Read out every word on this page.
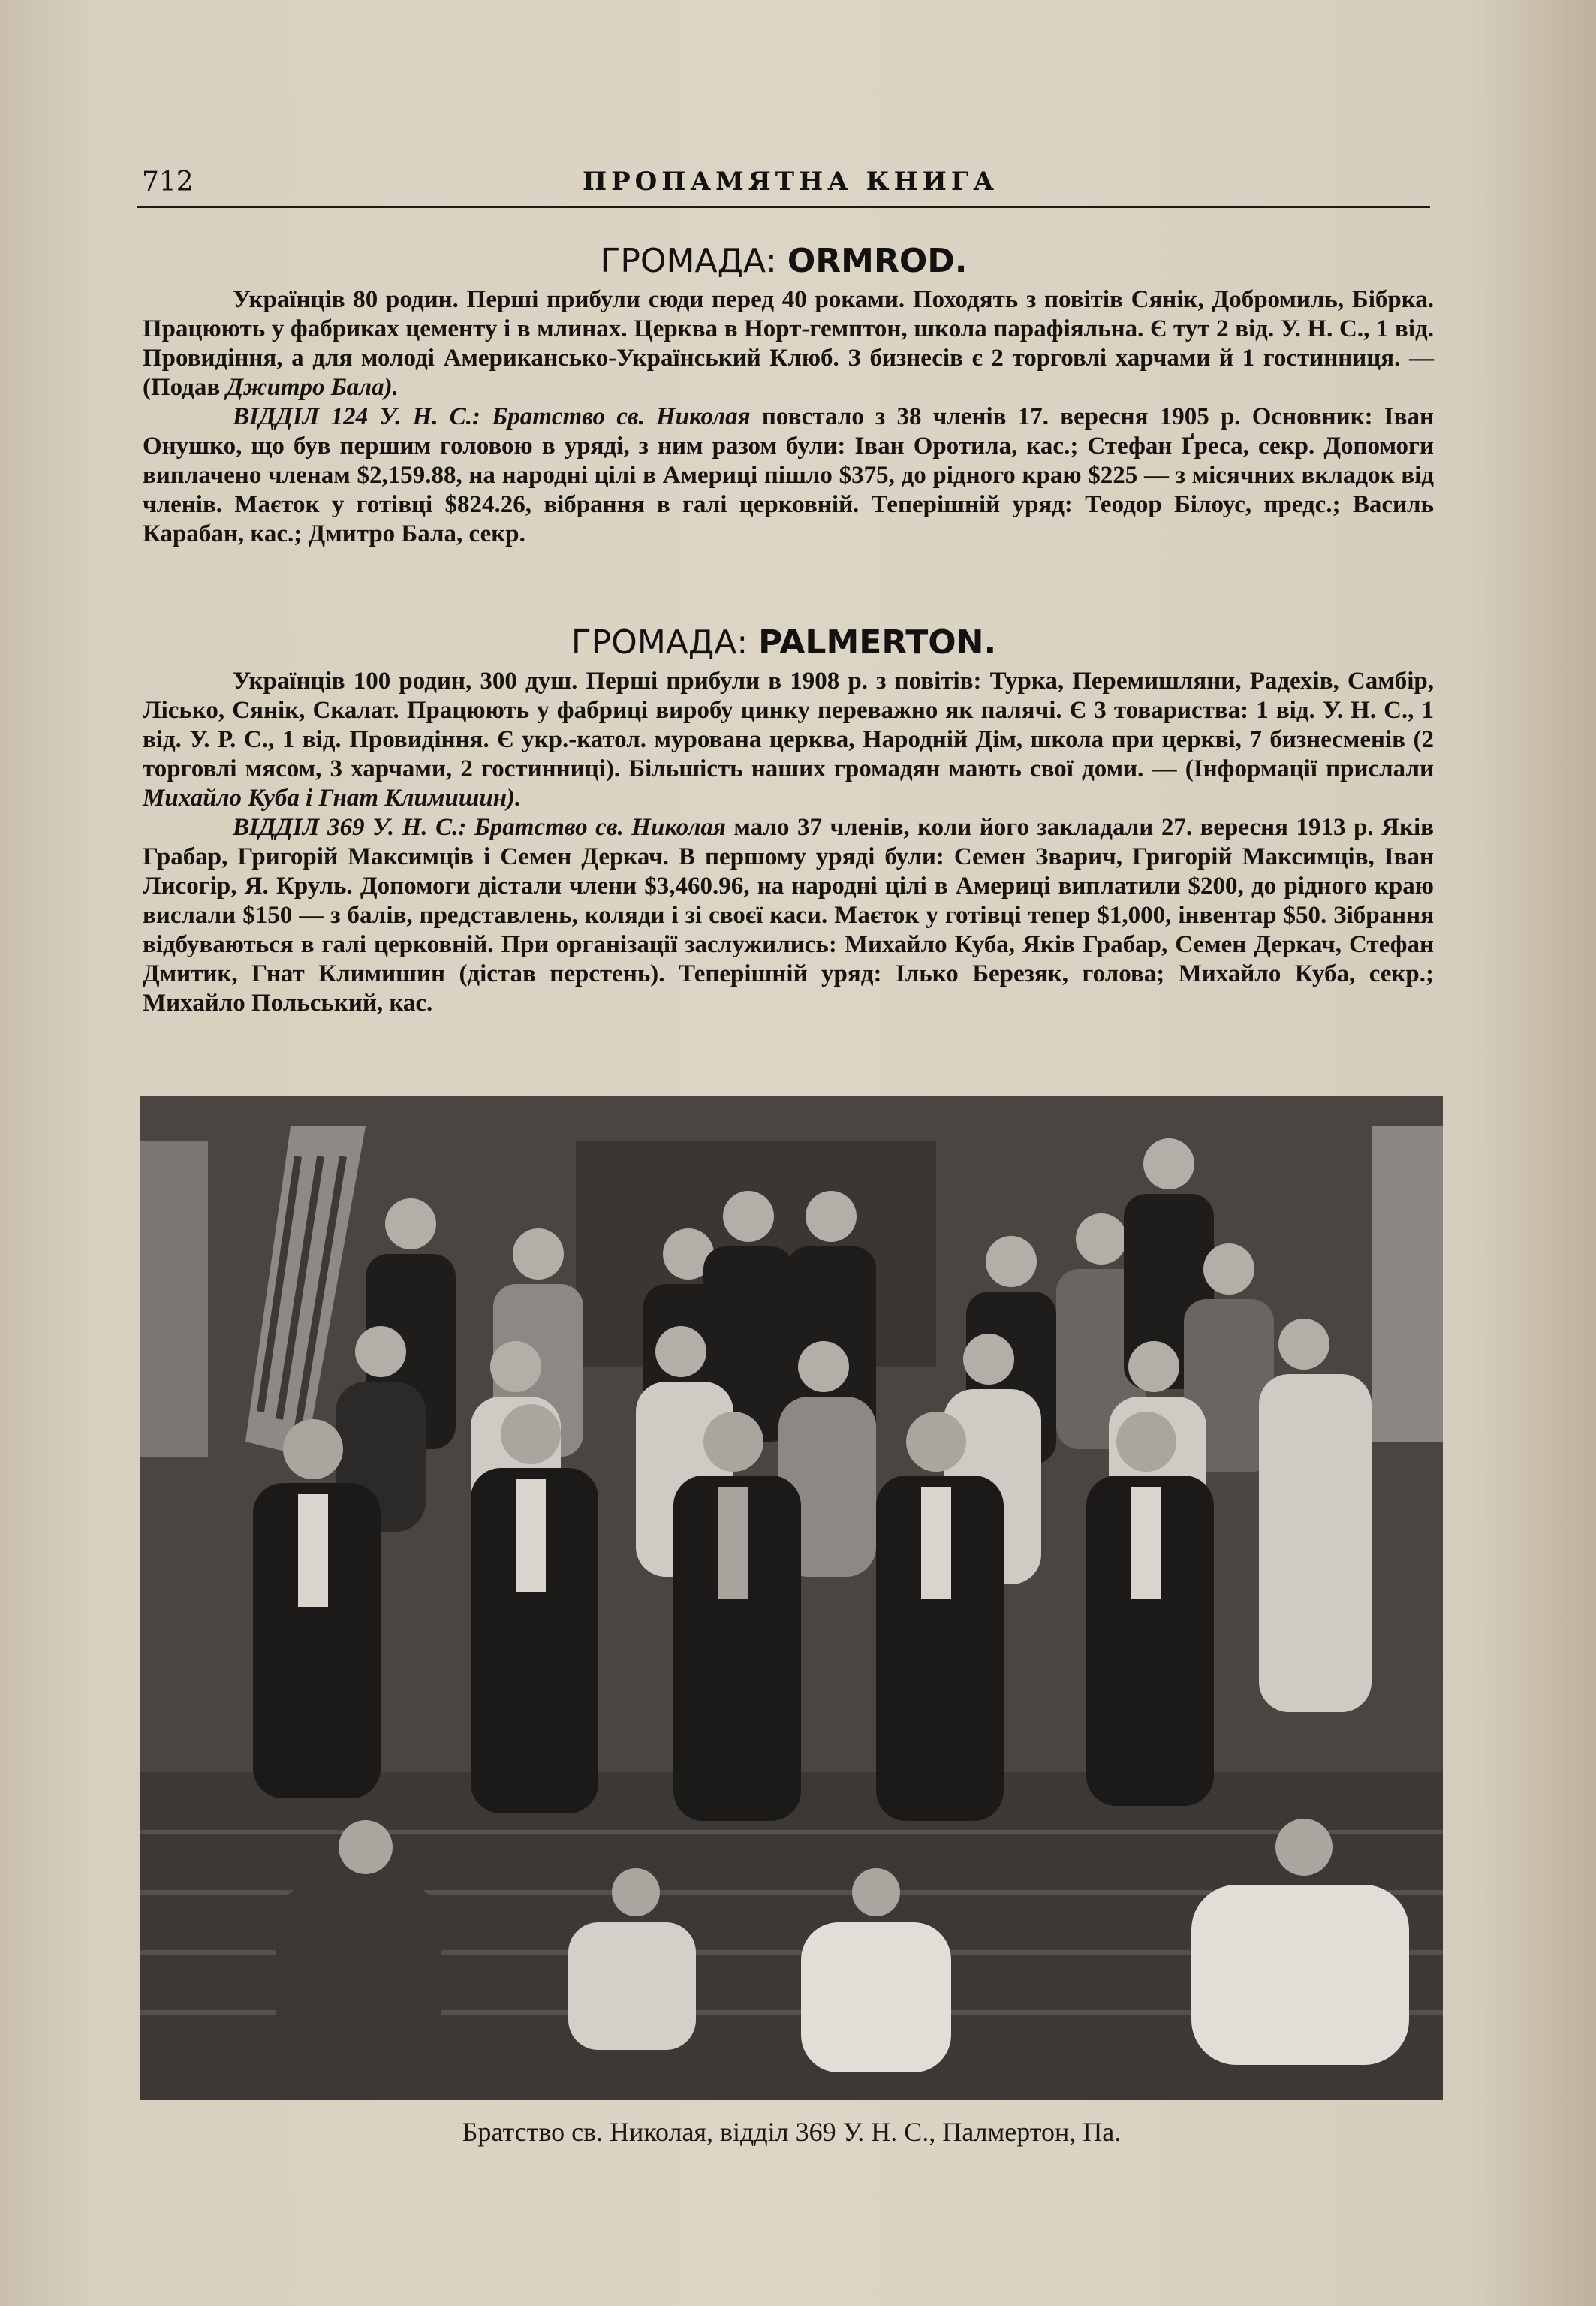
712	ПРОПАМЯТНА КНИГА
ГРОМАДА: ORMROD.

Українців 80 родин. Перші прибули сюди перед 40 роками. Походять з повітів Сянік, Добромиль, Бібрка. Працюють у фабриках цементу і в млинах. Церква в Норт-гемптон, школа парафіяльна. Є тут 2 від. У. Н. С., 1 від. Провидіння, а для молоді Американсько-Український Клюб. З бизнесів є 2 торговлі харчами й 1 гостинниця. — (Подав Джитро Бала).

ВІДДІЛ 124 У. Н. С.: Братство св. Николая повстало з 38 членів 17. вересня 1905 р. Основник: Іван Онушко, що був першим головою в уряді, з ним разом були: Іван Оротила, кас.; Стефан Ґреса, секр. Допомоги виплачено членам $2,159.88, на народні цілі в Америці пішло $375, до рідного краю $225 — з місячних вкладок від членів. Маєток у готівці $824.26, вібрання в галі церковній. Теперішній уряд: Теодор Білоус, предс.; Василь Карабан, кас.; Дмитро Бала, секр.

ГРОМАДА: PALMERTON.

Українців 100 родин, 300 душ. Перші прибули в 1908 р. з повітів: Турка, Перемишляни, Радехів, Самбір, Лісько, Сянік, Скалат. Працюють у фабриці виробу цинку переважно як палячі. Є 3 товариства: 1 від. У. Н. С., 1 від. У. Р. С., 1 від. Провидіння. Є укр.-катол. мурована церква, Народній Дім, школа при церкві, 7 бизнесменів (2 торговлі мясом, 3 харчами, 2 гостинниці). Більшість наших громадян мають свої доми. — (Інформації прислали Михайло Куба і Гнат Климишин).

ВІДДІЛ 369 У. Н. С.: Братство св. Николая мало 37 членів, коли його закладали 27. вересня 1913 р. Яків Грабар, Григорій Максимців і Семен Деркач. В першому уряді були: Семен Зварич, Григорій Максимців, Іван Лисогір, Я. Круль. Допомоги дістали члени $3,460.96, на народні цілі в Америці виплатили $200, до рідного краю вислали $150 — з балів, представлень, коляди і зі своєї каси. Маєток у готівці тепер $1,000, інвентар $50. Зібрання відбуваються в галі церковній. При організації заслужились: Михайло Куба, Яків Грабар, Семен Деркач, Стефан Дмитик, Гнат Климишин (дістав перстень). Теперішній уряд: Ілько Березяк, голова; Михайло Куба, секр.; Михайло Польський, кас.

Братство св. Николая, відділ 369 У. Н. С., Палмертон, Па.
